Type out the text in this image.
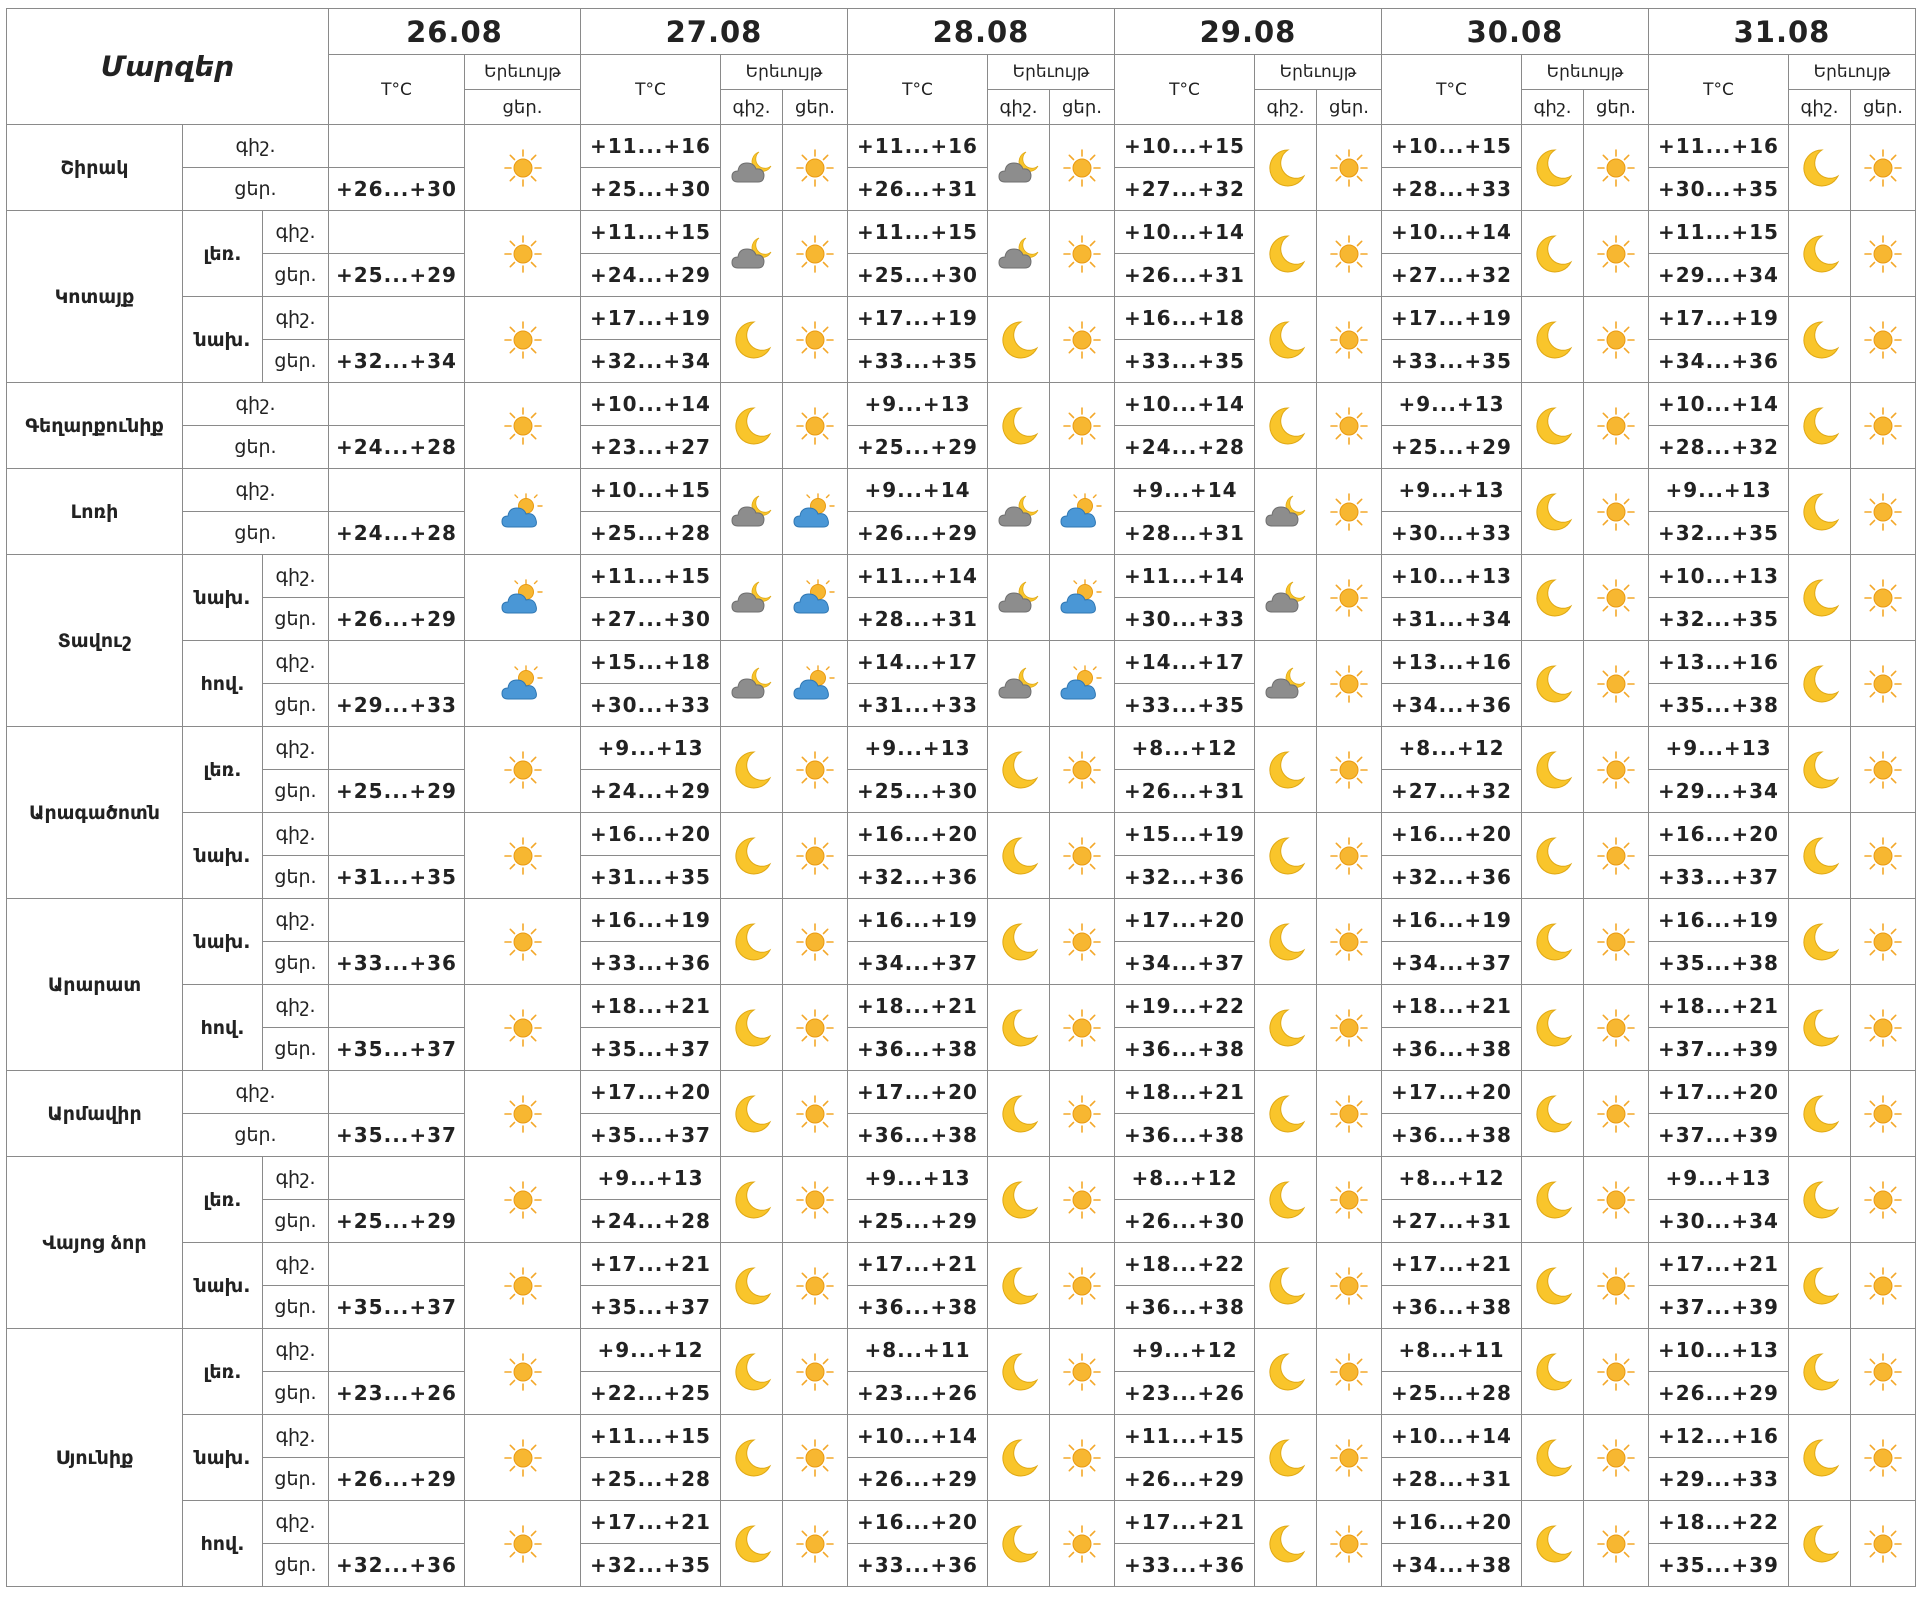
Մարզեր			26.08		27.08			28.08			29.08			30.08			31.08		
			T°C	Երեւույթ	T°C	Երեւույթ		T°C	Երեւույթ		T°C	Երեւույթ		T°C	Երեւույթ		T°C	Երեւույթ	
				ցեր.		գիշ.	ցեր.		գիշ.	ցեր.		գիշ.	ցեր.		գիշ.	ցեր.		գիշ.	ցեր.
Շիրակ	գիշ.				+11...+16			+11...+16			+10...+15			+10...+15			+11...+16		
	ցեր.		+26...+30		+25...+30			+26...+31			+27...+32			+28...+33			+30...+35		
Կոտայք	լեռ.	գիշ.			+11...+15			+11...+15			+10...+14			+10...+14			+11...+15		
		ցեր.	+25...+29		+24...+29			+25...+30			+26...+31			+27...+32			+29...+34		
	նախ.	գիշ.			+17...+19			+17...+19			+16...+18			+17...+19			+17...+19		
		ցեր.	+32...+34		+32...+34			+33...+35			+33...+35			+33...+35			+34...+36		
Գեղարքունիք	գիշ.				+10...+14			+9...+13			+10...+14			+9...+13			+10...+14		
	ցեր.		+24...+28		+23...+27			+25...+29			+24...+28			+25...+29			+28...+32		
Լոռի	գիշ.				+10...+15			+9...+14			+9...+14			+9...+13			+9...+13		
	ցեր.		+24...+28		+25...+28			+26...+29			+28...+31			+30...+33			+32...+35		
Տավուշ	նախ.	գիշ.			+11...+15			+11...+14			+11...+14			+10...+13			+10...+13		
		ցեր.	+26...+29		+27...+30			+28...+31			+30...+33			+31...+34			+32...+35		
	հով.	գիշ.			+15...+18			+14...+17			+14...+17			+13...+16			+13...+16		
		ցեր.	+29...+33		+30...+33			+31...+33			+33...+35			+34...+36			+35...+38		
Արագածոտն	լեռ.	գիշ.			+9...+13			+9...+13			+8...+12			+8...+12			+9...+13		
		ցեր.	+25...+29		+24...+29			+25...+30			+26...+31			+27...+32			+29...+34		
	նախ.	գիշ.			+16...+20			+16...+20			+15...+19			+16...+20			+16...+20		
		ցեր.	+31...+35		+31...+35			+32...+36			+32...+36			+32...+36			+33...+37		
Արարատ	նախ.	գիշ.			+16...+19			+16...+19			+17...+20			+16...+19			+16...+19		
		ցեր.	+33...+36		+33...+36			+34...+37			+34...+37			+34...+37			+35...+38		
	հով.	գիշ.			+18...+21			+18...+21			+19...+22			+18...+21			+18...+21		
		ցեր.	+35...+37		+35...+37			+36...+38			+36...+38			+36...+38			+37...+39		
Արմավիր	գիշ.				+17...+20			+17...+20			+18...+21			+17...+20			+17...+20		
	ցեր.		+35...+37		+35...+37			+36...+38			+36...+38			+36...+38			+37...+39		
Վայոց ձոր	լեռ.	գիշ.			+9...+13			+9...+13			+8...+12			+8...+12			+9...+13		
		ցեր.	+25...+29		+24...+28			+25...+29			+26...+30			+27...+31			+30...+34		
	նախ.	գիշ.			+17...+21			+17...+21			+18...+22			+17...+21			+17...+21		
		ցեր.	+35...+37		+35...+37			+36...+38			+36...+38			+36...+38			+37...+39		
Սյունիք	լեռ.	գիշ.			+9...+12			+8...+11			+9...+12			+8...+11			+10...+13		
		ցեր.	+23...+26		+22...+25			+23...+26			+23...+26			+25...+28			+26...+29		
	նախ.	գիշ.			+11...+15			+10...+14			+11...+15			+10...+14			+12...+16		
		ցեր.	+26...+29		+25...+28			+26...+29			+26...+29			+28...+31			+29...+33		
	հով.	գիշ.			+17...+21			+16...+20			+17...+21			+16...+20			+18...+22		
		ցեր.	+32...+36		+32...+35			+33...+36			+33...+36			+34...+38			+35...+39		
